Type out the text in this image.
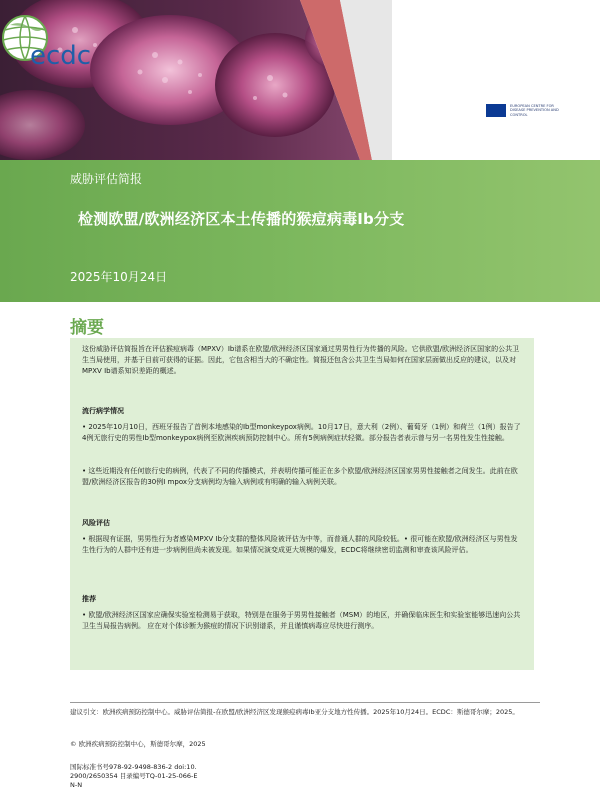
ecdc
EUROPEAN CENTRE FOR DISEASE PREVENTION AND CONTROL
威胁评估简报
检测欧盟/欧洲经济区本土传播的猴痘病毒Ib分支
2025年10月24日
摘要

这份威胁评估简报旨在评估猴痘病毒（MPXV）Ib谱系在欧盟/欧洲经济区国家通过男男性行为传播的风险。它供欧盟/欧洲经济区国家的公共卫生当局使用，并基于目前可获得的证据。因此，它包含相当大的不确定性。简报还包含公共卫生当局如何在国家层面做出反应的建议，以及对MPXV Ib谱系知识差距的概述。

流行病学情况

• 2025年10月10日，西班牙报告了首例本地感染的Ib型monkeypox病例。10月17日，意大利（2例）、葡萄牙（1例）和荷兰（1例）报告了4例无旅行史的男性Ib型monkeypox病例至欧洲疾病预防控制中心。所有5例病例症状轻微。部分报告者表示曾与另一名男性发生性接触。

• 这些近期没有任何旅行史的病例，代表了不同的传播模式，并表明传播可能正在多个欧盟/欧洲经济区国家男男性接触者之间发生。此前在欧盟/欧洲经济区报告的30例I mpox分支病例均为输入病例或有明确的输入病例关联。

风险评估

• 根据现有证据，男男性行为者感染MPXV Ib分支群的整体风险被评估为中等，而普通人群的风险较低。• 很可能在欧盟/欧洲经济区与男性发生性行为的人群中还有进一步病例但尚未被发现。如果情况演变成更大规模的爆发，ECDC将继续密切监测和审查该风险评估。

推荐

• 欧盟/欧洲经济区国家应确保实验室检测易于获取，特别是在服务于男男性接触者（MSM）的地区，并确保临床医生和实验室能够迅速向公共卫生当局报告病例。 应在对个体诊断为猴痘的情况下识别谱系，并且谨慎病毒应尽快进行测序。

建议引文：欧洲疾病预防控制中心。威胁评估简报-在欧盟/欧洲经济区发现猴痘病毒Ib亚分支地方性传播。2025年10月24日。ECDC：斯德哥尔摩；2025。
© 欧洲疾病预防控制中心，斯德哥尔摩，2025
国际标准书号978-92-9498-836-2 doi:10.
2900/2650354 目录编号TQ-01-25-066-E
N-N
